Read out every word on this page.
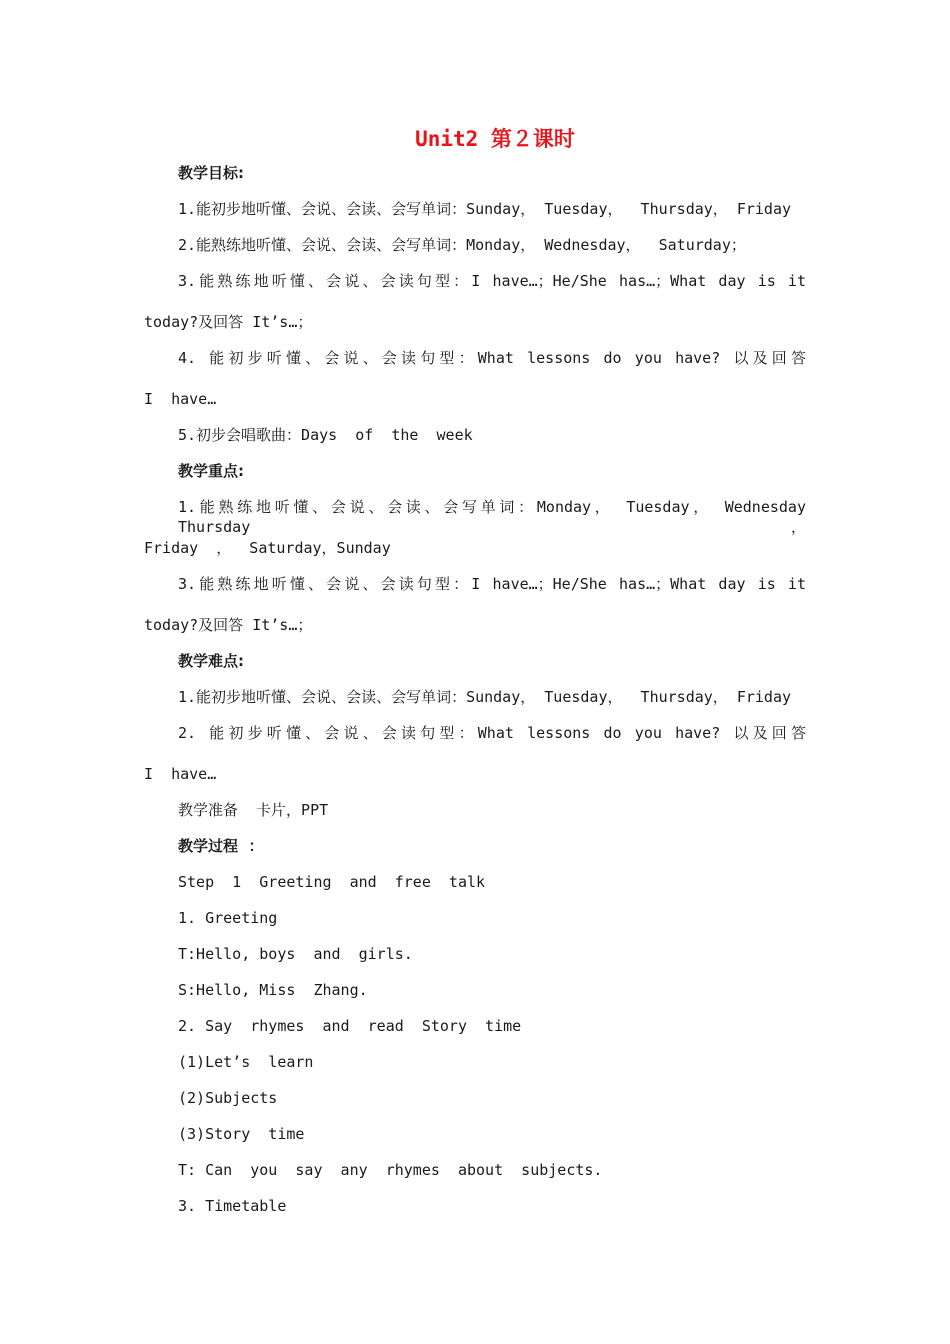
Unit2 第２课时
教学目标:
1.能初步地听懂、会说、会读、会写单词：Sunday， Tuesday，  Thursday， Friday
2.能熟练地听懂、会说、会读、会写单词：Monday， Wednesday，  Saturday；
3.能熟练地听懂、会说、会读句型：I have…；He/She has…；What day is it
today?及回答 It’s…；
4. 能初步听懂、会说、会读句型：What lessons do you have? 以及回答
I  have…
5.初步会唱歌曲：Days  of  the  week
教学重点:
1.能熟练地听懂、会说、会读、会写单词：Monday， Tuesday， Wednesday Thursday，
Friday  ，  Saturday，Sunday
3.能熟练地听懂、会说、会读句型：I have…；He/She has…；What day is it
today?及回答 It’s…；
教学难点:
1.能初步地听懂、会说、会读、会写单词：Sunday， Tuesday，  Thursday， Friday
2. 能初步听懂、会说、会读句型：What lessons do you have? 以及回答
I  have…
教学准备  卡片，PPT
教学过程  ：
Step  1  Greeting  and  free  talk
1. Greeting
T:Hello, boys  and  girls.
S:Hello, Miss  Zhang.
2. Say  rhymes  and  read  Story  time
(1)Let’s  learn
(2)Subjects
(3)Story  time
T: Can  you  say  any  rhymes  about  subjects.
3. Timetable
